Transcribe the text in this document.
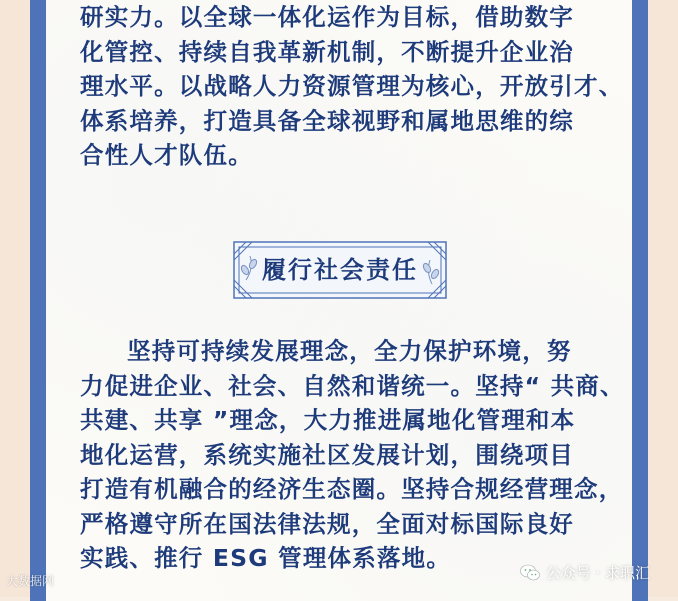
研实力。以全球一体化运作为目标，借助数字
化管控、持续自我革新机制，不断提升企业治
理水平。以战略人力资源管理为核心，开放引才、
体系培养，打造具备全球视野和属地思维的综
合性人才队伍。
履行社会责任
坚持可持续发展理念，全力保护环境，努
力促进企业、社会、自然和谐统一。坚持“ 共商、
共建、共享 ”理念，大力推进属地化管理和本
地化运营，系统实施社区发展计划，围绕项目
打造有机融合的经济生态圈。坚持合规经营理念，
严格遵守所在国法律法规，全面对标国际良好
实践、推行 ESG 管理体系落地。
大数据网	公众号 · 求职汇
